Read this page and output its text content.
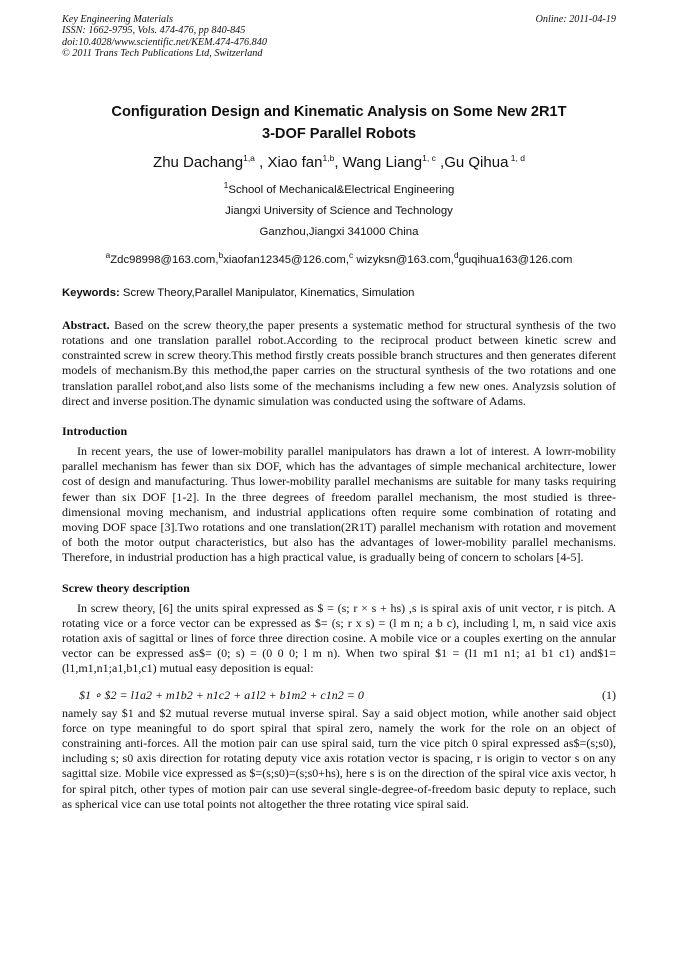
Key Engineering Materials
ISSN: 1662-9795, Vols. 474-476, pp 840-845
doi:10.4028/www.scientific.net/KEM.474-476.840
© 2011 Trans Tech Publications Ltd, Switzerland
Online: 2011-04-19
Configuration Design and Kinematic Analysis on Some New 2R1T
3-DOF Parallel Robots
Zhu Dachang$^{1,a}$ , Xiao fan$^{1,b}$, Wang Liang$^{1, c}$ ,Gu Qihua $^{1, d}$
$^1$School of Mechanical&Electrical Engineering
Jiangxi University of Science and Technology
Ganzhou,Jiangxi 341000 China
$^a$Zdc98998@163.com,$^b$xiaofan12345@126.com,$^c$ wizyksn@163.com,$^d$guqihua163@126.com
Keywords: Screw Theory,Parallel Manipulator, Kinematics, Simulation
Abstract. Based on the screw theory,the paper presents a systematic method for structural synthesis of the two rotations and one translation parallel robot.According to the reciprocal product between kinetic screw and constrainted screw in screw theory.This method firstly creats possible branch structures and then generates diferent models of mechanism.By this method,the paper carries on the structural synthesis of the two rotations and one translation parallel robot,and also lists some of the mechanisms including a few new ones. Analyzsis solution of direct and inverse position.The dynamic simulation was conducted using the software of Adams.
Introduction
In recent years, the use of lower-mobility parallel manipulators has drawn a lot of interest. A lowrr-mobility parallel mechanism has fewer than six DOF, which has the advantages of simple mechanical architecture, lower cost of design and manufacturing. Thus lower-mobility parallel mechanisms are suitable for many tasks requiring fewer than six DOF [1-2]. In the three degrees of freedom parallel mechanism, the most studied is three-dimensional moving mechanism, and industrial applications often require some combination of rotating and moving DOF space [3].Two rotations and one translation(2R1T) parallel mechanism with rotation and movement of both the motor output characteristics, but also has the advantages of lower-mobility parallel mechanisms. Therefore, in industrial production has a high practical value, is gradually being of concern to scholars [4-5].
Screw theory description
In screw theory, [6] the units spiral expressed as $ = (s; r × s + hs) ,s is spiral axis of unit vector, r is pitch. A rotating vice or a force vector can be expressed as $= (s; r x s) = (l m n; a b c), including l, m, n said vice axis rotation axis of sagittal or lines of force three direction cosine. A mobile vice or a couples exerting on the annular vector can be expressed as$= (0; s) = (0 0 0; l m n). When two spiral $1 = (l1 m1 n1; a1 b1 c1) and$1=(l1,m1,n1;a1,b1,c1) mutual easy deposition is equal:
$1 ∘ $2 = l1a2 + m1b2 + n1c2 + a1l2 + b1m2 + c1n2 = 0	(1)
namely say $1 and $2 mutual reverse mutual inverse spiral. Say a said object motion, while another said object force on type meaningful to do sport spiral that spiral zero, namely the work for the role on an object of constraining anti-forces. All the motion pair can use spiral said, turn the vice pitch 0 spiral expressed as$=(s;s0), including s; s0 axis direction for rotating deputy vice axis rotation vector is spacing, r is origin to vector s on any sagittal size. Mobile vice expressed as $=(s;s0)=(s;s0+hs), here s is on the direction of the spiral vice axis vector, h for spiral pitch, other types of motion pair can use several single-degree-of-freedom basic deputy to replace, such as spherical vice can use total points not altogether the three rotating vice spiral said.
